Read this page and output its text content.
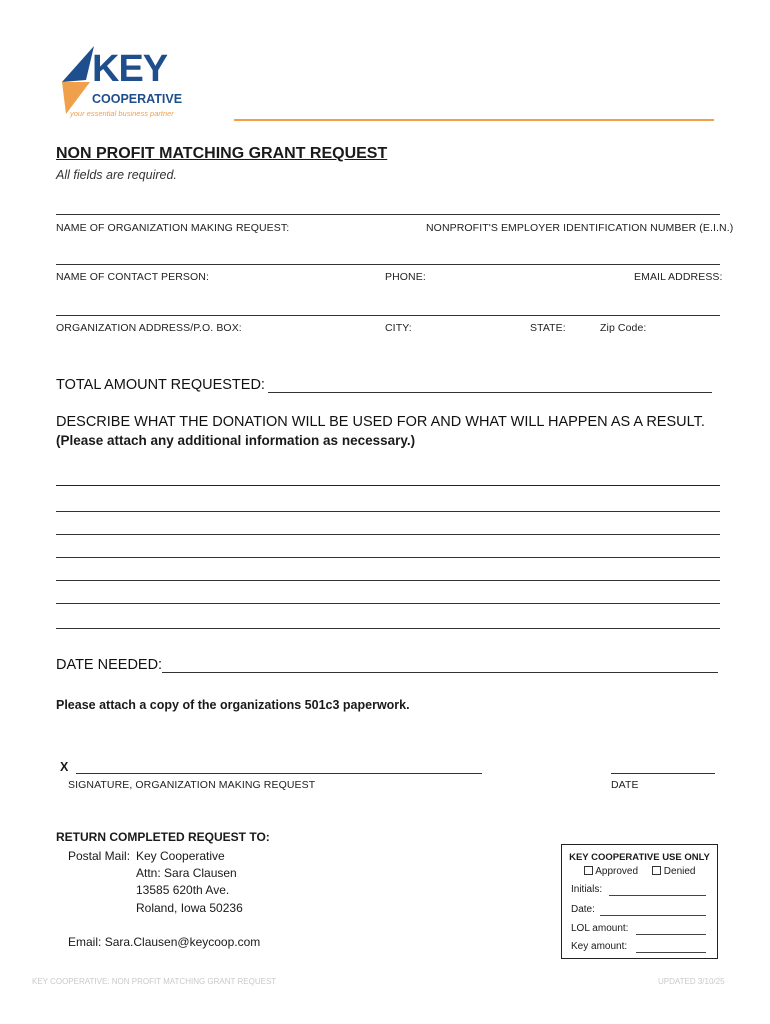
KEY
COOPERATIVE
your essential business partner
NON PROFIT MATCHING GRANT REQUEST
All fields are required.
NAME OF ORGANIZATION MAKING REQUEST:	NONPROFIT'S EMPLOYER IDENTIFICATION NUMBER (E.I.N.)
NAME OF CONTACT PERSON:	PHONE:	EMAIL ADDRESS:
ORGANIZATION ADDRESS/P.O. BOX:	CITY:	STATE:	Zip Code:
TOTAL AMOUNT REQUESTED:
DESCRIBE WHAT THE DONATION WILL BE USED FOR AND WHAT WILL HAPPEN AS A RESULT.
(Please attach any additional information as necessary.)
DATE NEEDED:
Please attach a copy of the organizations 501c3 paperwork.
X
SIGNATURE, ORGANIZATION MAKING REQUEST	DATE
RETURN COMPLETED REQUEST TO:
Postal Mail: Key Cooperative
Attn: Sara Clausen
13585 620th Ave.
Roland, Iowa 50236
Email: Sara.Clausen@keycoop.com
KEY COOPERATIVE USE ONLY
Approved	Denied
Initials:
Date:
LOL amount:
Key amount:
KEY COOPERATIVE: NON PROFIT MATCHING GRANT REQUEST	UPDATED 3/10/25
